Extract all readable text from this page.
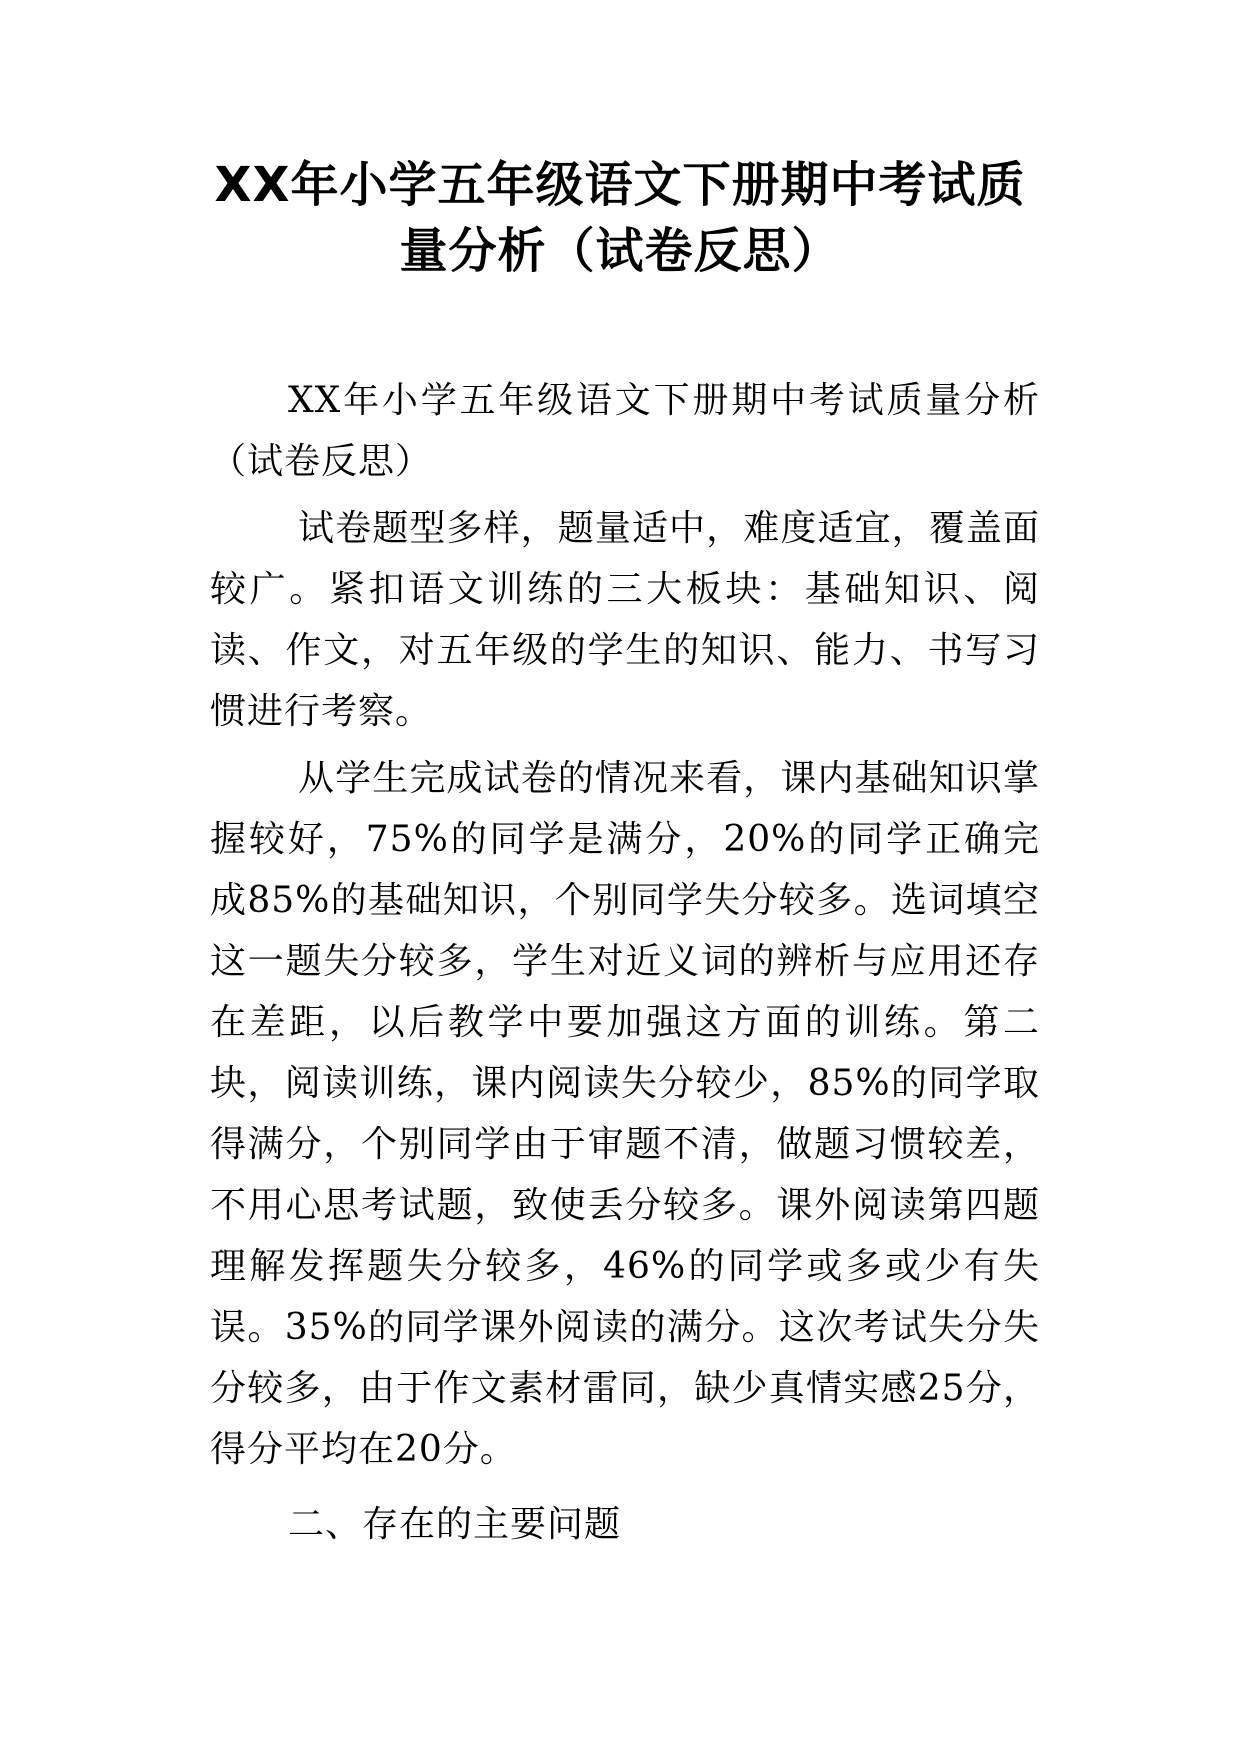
XX年小学五年级语文下册期中考试质
量分析（试卷反思）

XX年小学五年级语文下册期中考试质量分析（试卷反思）

试卷题型多样，题量适中，难度适宜，覆盖面较广。紧扣语文训练的三大板块：基础知识、阅读、作文，对五年级的学生的知识、能力、书写习惯进行考察。

从学生完成试卷的情况来看，课内基础知识掌握较好，75%的同学是满分，20%的同学正确完成85%的基础知识，个别同学失分较多。选词填空这一题失分较多，学生对近义词的辨析与应用还存在差距，以后教学中要加强这方面的训练。第二块，阅读训练，课内阅读失分较少，85%的同学取得满分，个别同学由于审题不清，做题习惯较差，不用心思考试题，致使丢分较多。课外阅读第四题理解发挥题失分较多，46%的同学或多或少有失误。35%的同学课外阅读的满分。这次考试失分失分较多，由于作文素材雷同，缺少真情实感25分，得分平均在20分。

二、存在的主要问题
